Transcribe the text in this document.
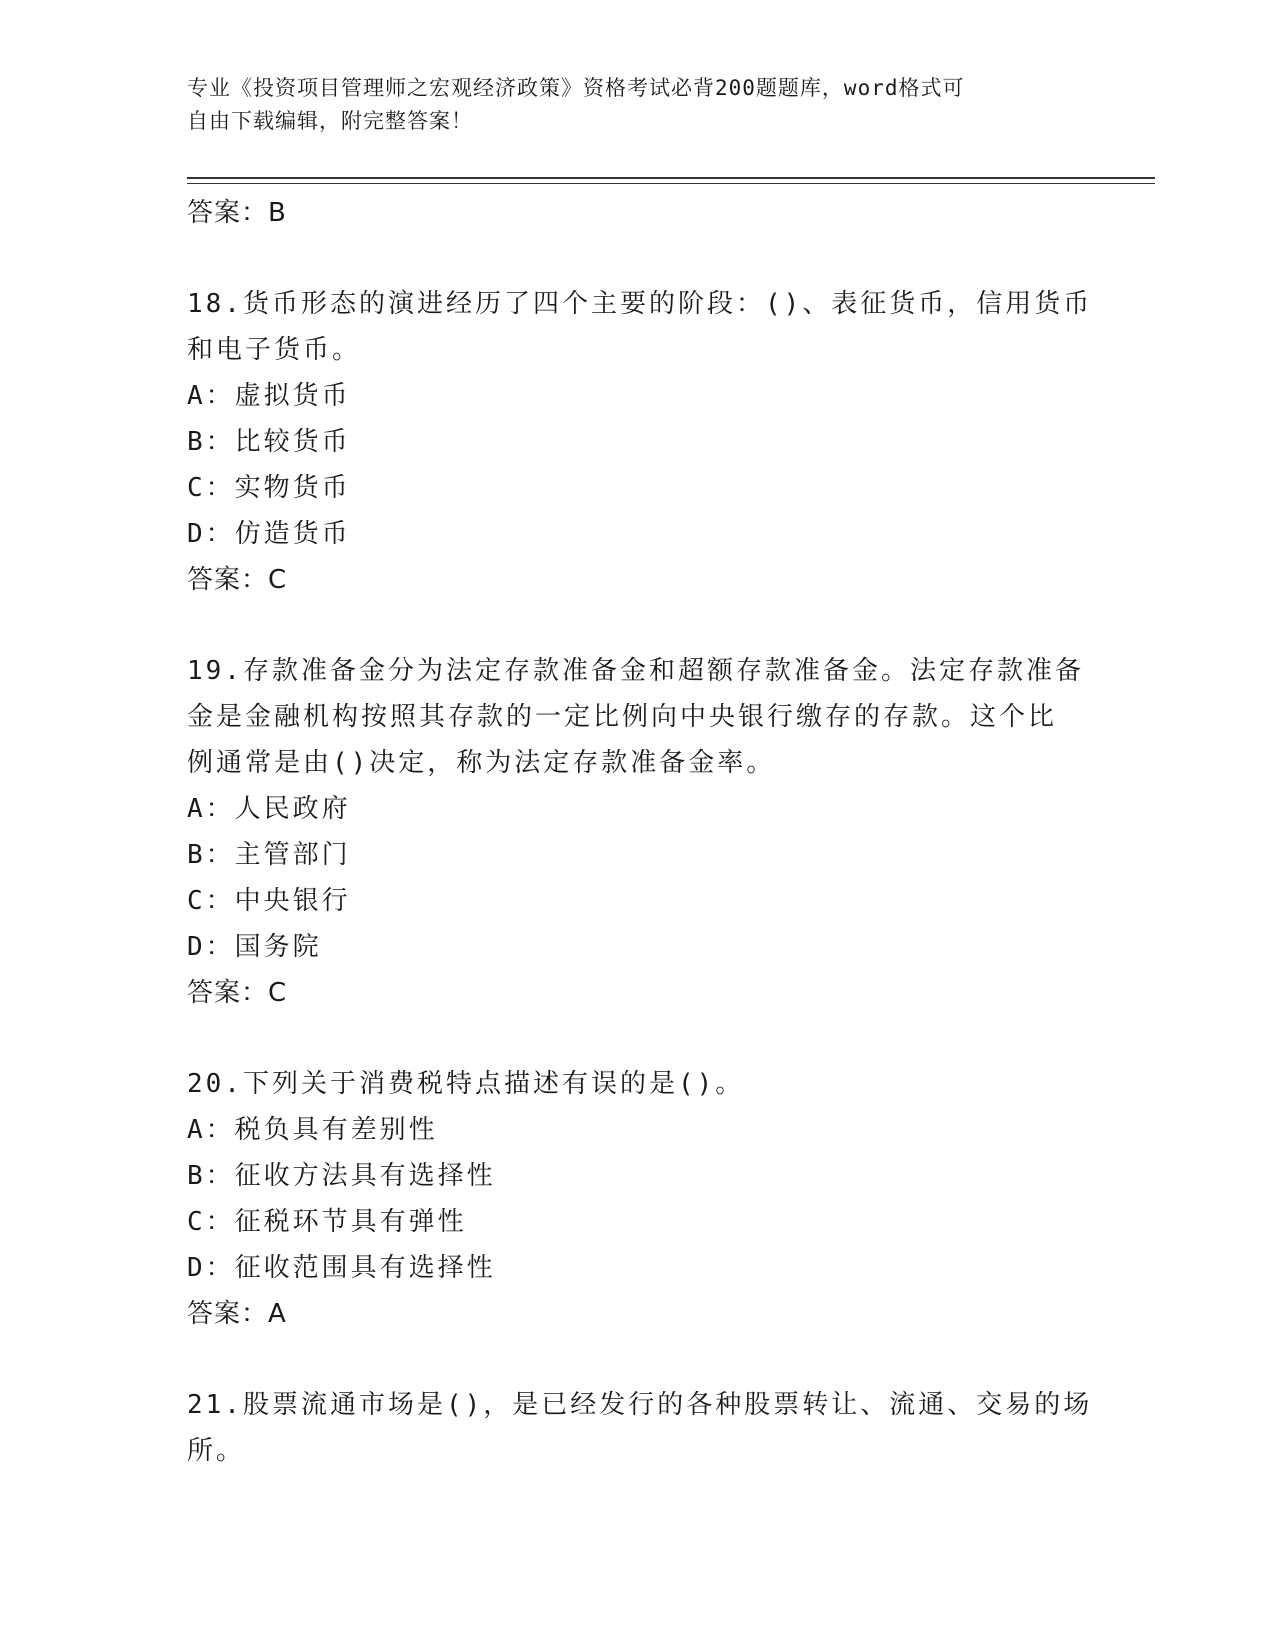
专业《投资项目管理师之宏观经济政策》资格考试必背200题题库，word格式可
自由下载编辑，附完整答案！
答案：B
18.货币形态的演进经历了四个主要的阶段：()、表征货币，信用货币
和电子货币。
A：虚拟货币
B：比较货币
C：实物货币
D：仿造货币
答案：C
19.存款准备金分为法定存款准备金和超额存款准备金。法定存款准备
金是金融机构按照其存款的一定比例向中央银行缴存的存款。这个比
例通常是由()决定，称为法定存款准备金率。
A：人民政府
B：主管部门
C：中央银行
D：国务院
答案：C
20.下列关于消费税特点描述有误的是()。
A：税负具有差别性
B：征收方法具有选择性
C：征税环节具有弹性
D：征收范围具有选择性
答案：A
21.股票流通市场是()，是已经发行的各种股票转让、流通、交易的场
所。
